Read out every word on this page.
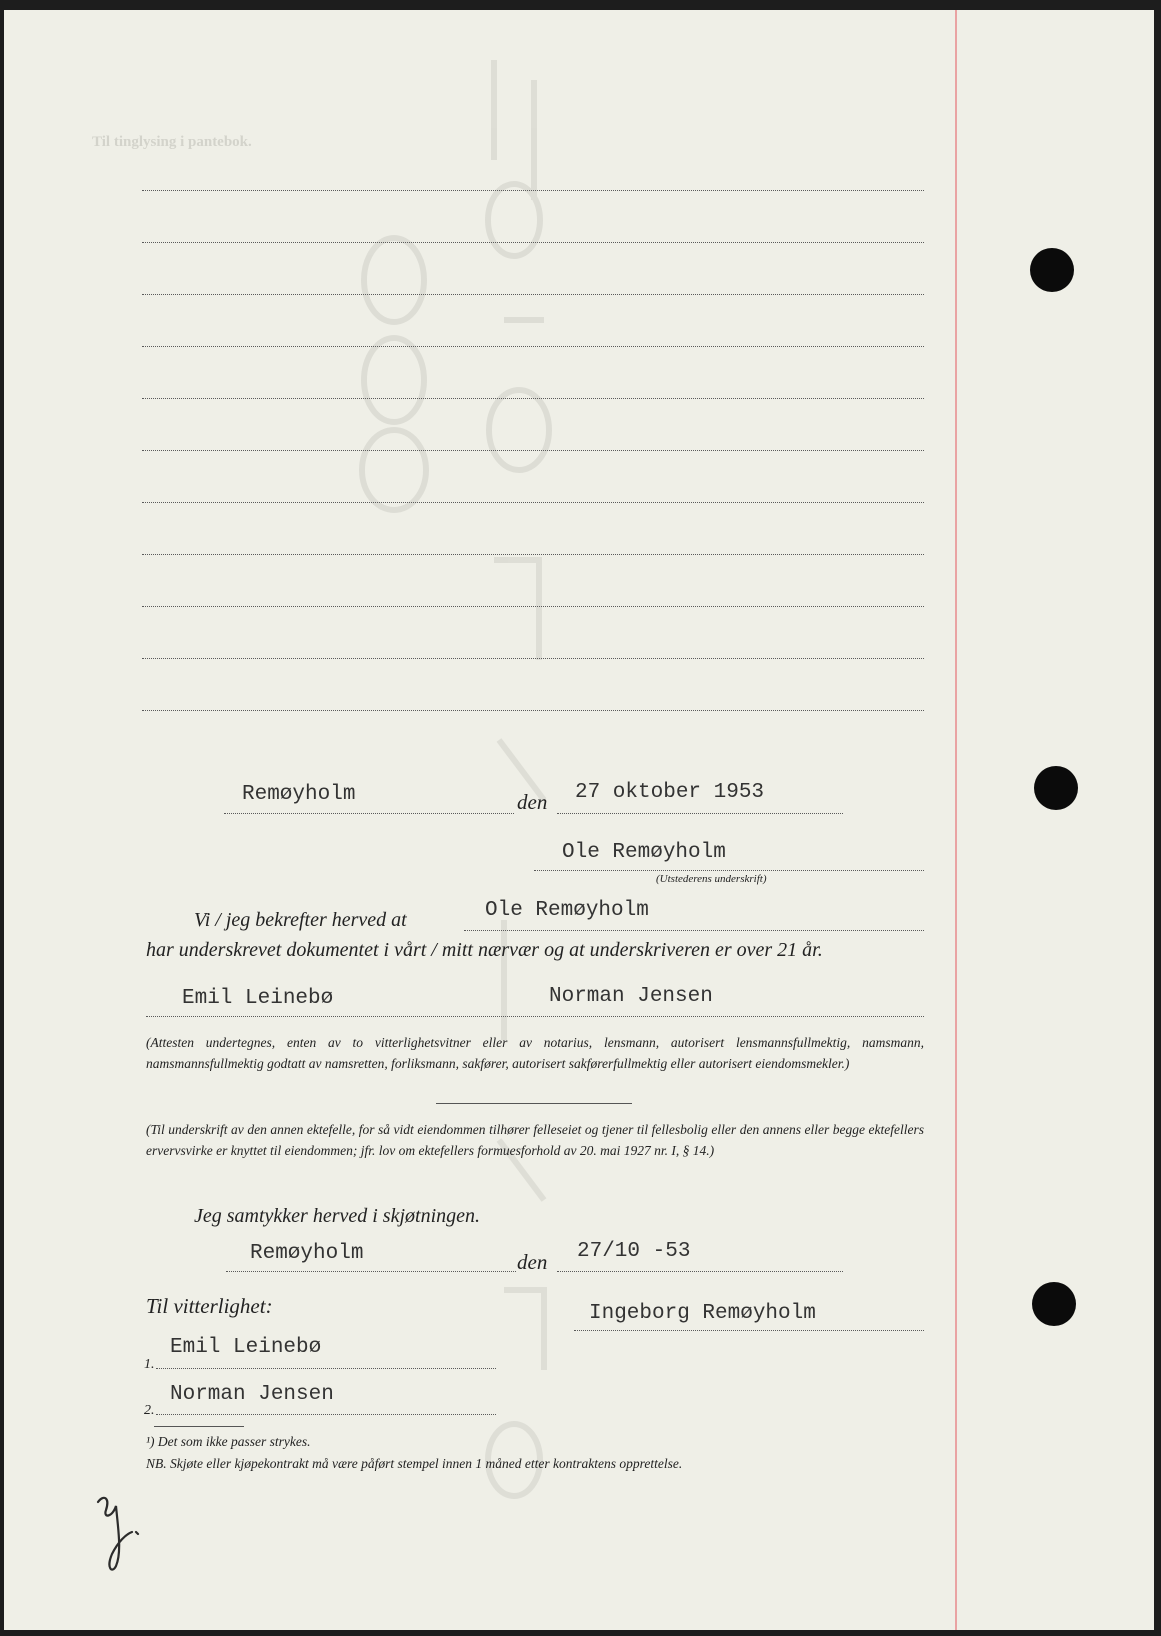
Til tinglysing i pantebok.
Remøyholm	den 27 oktober 1953
Ole Remøyholm
(Utstederens underskrift)
Vi / jeg bekrefter herved at	Ole Remøyholm
har underskrevet dokumentet i vårt / mitt nærvær og at underskriveren er over 21 år.
Emil Leinebø	Norman Jensen
(Attesten undertegnes, enten av to vitterlighetsvitner eller av notarius, lensmann, autorisert lensmannsfullmektig, namsmann, namsmannsfullmektig godtatt av namsretten, forliksmann, sakfører, autorisert sakførerfullmektig eller autorisert eiendomsmekler.)
(Til underskrift av den annen ektefelle, for så vidt eiendommen tilhører felleseiet og tjener til fellesbolig eller den annens eller begge ektefellers ervervsvirke er knyttet til eiendommen; jfr. lov om ektefellers formuesforhold av 20. mai 1927 nr. I, § 14.)
Jeg samtykker herved i skjøtningen.
Remøyholm	den 27/10 -53
Til vitterlighet:	Ingeborg Remøyholm
1.
Emil Leinebø
2.
Norman Jensen
¹) Det som ikke passer strykes.
NB. Skjøte eller kjøpekontrakt må være påført stempel innen 1 måned etter kontraktens opprettelse.
